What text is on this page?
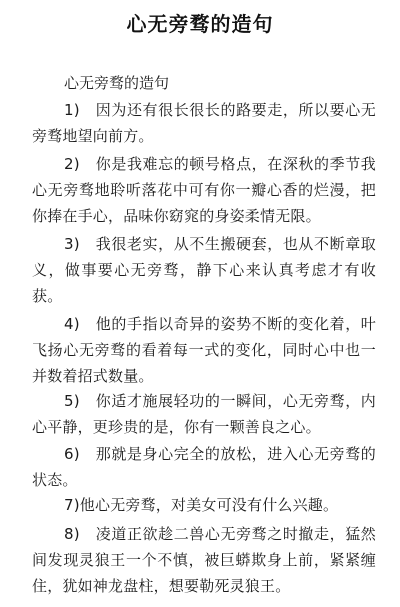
心无旁骛的造句
心无旁骛的造句
1)　因为还有很长很长的路要走，所以要心无旁骛地望向前方。
2)　你是我难忘的顿号格点，在深秋的季节我心无旁骛地聆听落花中可有你一瓣心香的烂漫，把你捧在手心，品味你窈窕的身姿柔情无限。
3)　我很老实，从不生搬硬套，也从不断章取义，做事要心无旁骛，静下心来认真考虑才有收获。
4)　他的手指以奇异的姿势不断的变化着，叶飞扬心无旁骛的看着每一式的变化，同时心中也一并数着招式数量。
5)　你适才施展轻功的一瞬间，心无旁骛，内心平静，更珍贵的是，你有一颗善良之心。
6)　那就是身心完全的放松，进入心无旁骛的状态。
7)他心无旁骛，对美女可没有什么兴趣。
8)　凌道正欲趁二兽心无旁骛之时撤走，猛然间发现灵狼王一个不慎，被巨蟒欺身上前，紧紧缠住，犹如神龙盘柱，想要勒死灵狼王。
